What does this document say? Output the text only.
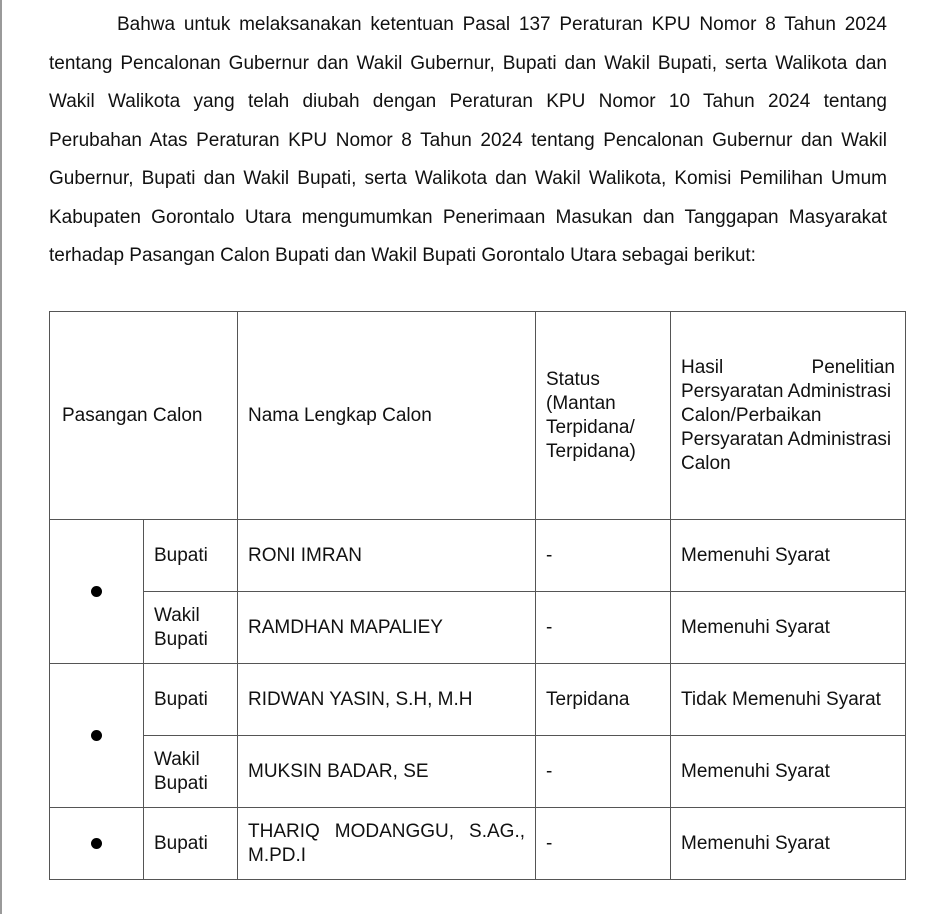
Bahwa untuk melaksanakan ketentuan Pasal 137 Peraturan KPU Nomor 8 Tahun 2024 tentang Pencalonan Gubernur dan Wakil Gubernur, Bupati dan Wakil Bupati, serta Walikota dan Wakil Walikota yang telah diubah dengan Peraturan KPU Nomor 10 Tahun 2024 tentang Perubahan Atas Peraturan KPU Nomor 8 Tahun 2024 tentang Pencalonan Gubernur dan Wakil Gubernur, Bupati dan Wakil Bupati, serta Walikota dan Wakil Walikota, Komisi Pemilihan Umum Kabupaten Gorontalo Utara mengumumkan Penerimaan Masukan dan Tanggapan Masyarakat terhadap Pasangan Calon Bupati dan Wakil Bupati Gorontalo Utara sebagai berikut:

Pasangan Calon		Nama Lengkap Calon	Status (Mantan Terpidana/ Terpidana)	Hasil Penelitian
Persyaratan Administrasi Calon/Perbaikan Persyaratan Administrasi Calon

	Bupati	RONI IMRAN	-	Memenuhi Syarat
	Wakil Bupati	RAMDHAN MAPALIEY	-	Memenuhi Syarat
	Bupati	RIDWAN YASIN, S.H, M.H	Terpidana	Tidak Memenuhi Syarat
	Wakil Bupati	MUKSIN BADAR, SE	-	Memenuhi Syarat
	Bupati	THARIQ MODANGGU, S.AG., M.PD.I	-	Memenuhi Syarat
